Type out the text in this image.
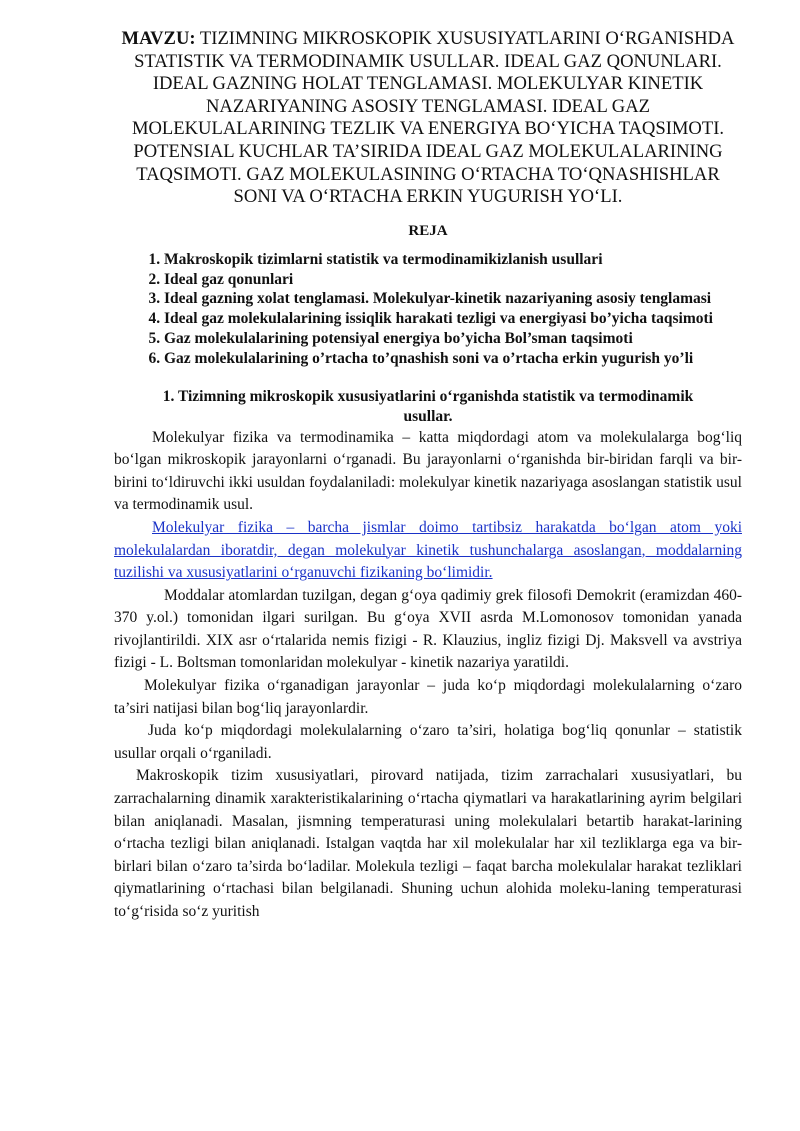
MAVZU: TIZIMNING MIKROSKOPIK XUSUSIYATLARINI O‘RGANISHDA STATISTIK VA TERMODINAMIK USULLAR. IDEAL GAZ QONUNLARI. IDEAL GAZNING HOLAT TENGLAMASI. MOLEKULYAR KINETIK NAZARIYANING ASOSIY TENGLAMASI. IDEAL GAZ MOLEKULALARINING TEZLIK VA ENERGIYA BO‘YICHA TAQSIMOTI. POTENSIAL KUCHLAR TA’SIRIDA IDEAL GAZ MOLEKULALARINING TAQSIMOTI. GAZ MOLEKULASINING O‘RTACHA TO‘QNASHISHLAR SONI VA O‘RTACHA ERKIN YUGURISH YO‘LI.
REJA
1. Makroskopik tizimlarni statistik va termodinamikizlanish usullari
2. Ideal gaz qonunlari
3. Ideal gazning xolat tenglamasi. Molekulyar-kinetik nazariyaning asosiy tenglamasi
4. Ideal gaz molekulalarining issiqlik harakati tezligi va energiyasi bo’yicha taqsimoti
5. Gaz molekulalarining potensiyal energiya bo’yicha Bol’sman taqsimoti
6. Gaz molekulalarining o’rtacha to’qnashish soni va o’rtacha erkin yugurish yo’li
1. Tizimning mikroskopik xususiyatlarini o‘rganishda statistik va termodinamik usullar.

Molekulyar fizika va termodinamika – katta miqdordagi atom va molekulalarga bog‘liq bo‘lgan mikroskopik jarayonlarni o‘rganadi. Bu jarayonlarni o‘rganishda bir-biridan farqli va bir-birini to‘ldiruvchi ikki usuldan foydalaniladi: molekulyar kinetik nazariyaga asoslangan statistik usul va termodinamik usul.

Molekulyar fizika – barcha jismlar doimo tartibsiz harakatda bo‘lgan atom yoki molekulalardan iboratdir, degan molekulyar kinetik tushunchalarga asoslangan, moddalarning tuzilishi va xususiyatlarini o‘rganuvchi fizikaning bo‘limidir.

Moddalar atomlardan tuzilgan, degan g‘oya qadimiy grek filosofi Demokrit (eramizdan 460-370 y.ol.) tomonidan ilgari surilgan. Bu g‘oya XVII asrda M.Lomonosov tomonidan yanada rivojlantirildi. XIX asr o‘rtalarida nemis fizigi - R. Klauzius, ingliz fizigi Dj. Maksvell va avstriya fizigi - L. Boltsman tomonlaridan molekulyar - kinetik nazariya yaratildi.

Molekulyar fizika o‘rganadigan jarayonlar – juda ko‘p miqdordagi molekulalarning o‘zaro ta’siri natijasi bilan bog‘liq jarayonlardir.

Juda ko‘p miqdordagi molekulalarning o‘zaro ta’siri, holatiga bog‘liq qonunlar – statistik usullar orqali o‘rganiladi.

Makroskopik tizim xususiyatlari, pirovard natijada, tizim zarrachalari xususiyatlari, bu zarrachalarning dinamik xarakteristikalarining o‘rtacha qiymatlari va harakatlarining ayrim belgilari bilan aniqlanadi. Masalan, jismning temperaturasi uning molekulalari betartib harakat-larining o‘rtacha tezligi bilan aniqlanadi. Istalgan vaqtda har xil molekulalar har xil tezliklarga ega va bir-birlari bilan o‘zaro ta’sirda bo‘ladilar. Molekula tezligi – faqat barcha molekulalar harakat tezliklari qiymatlarining o‘rtachasi bilan belgilanadi. Shuning uchun alohida moleku-laning temperaturasi to‘g‘risida so‘z yuritish
